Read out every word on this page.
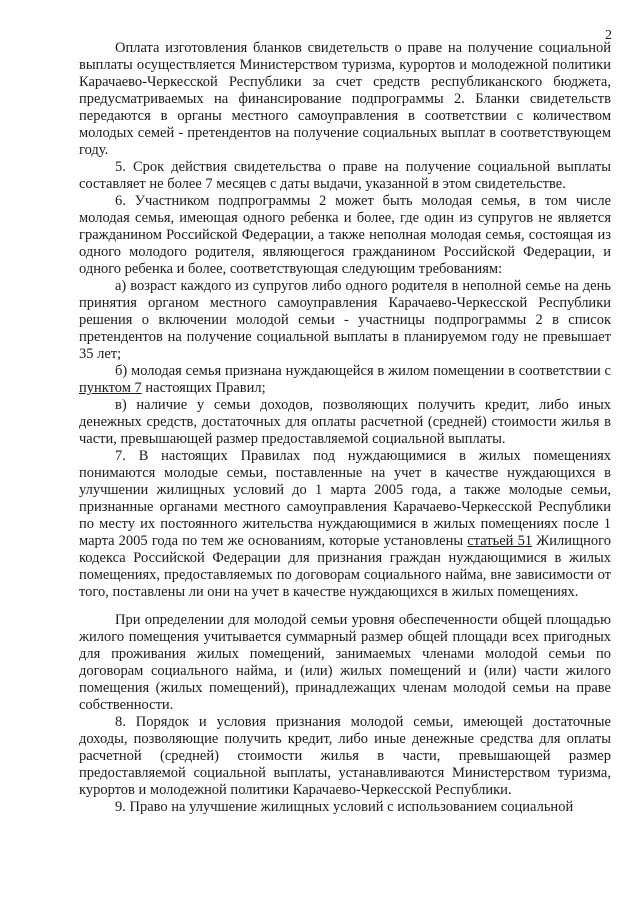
2

Оплата изготовления бланков свидетельств о праве на получение социальной выплаты осуществляется Министерством туризма, курортов и молодежной политики Карачаево-Черкесской Республики за счет средств республиканского бюджета, предусматриваемых на финансирование подпрограммы 2. Бланки свидетельств передаются в органы местного самоуправления в соответствии с количеством молодых семей - претендентов на получение социальных выплат в соответствующем году.

5. Срок действия свидетельства о праве на получение социальной выплаты составляет не более 7 месяцев с даты выдачи, указанной в этом свидетельстве.

6. Участником подпрограммы 2 может быть молодая семья, в том числе молодая семья, имеющая одного ребенка и более, где один из супругов не является гражданином Российской Федерации, а также неполная молодая семья, состоящая из одного молодого родителя, являющегося гражданином Российской Федерации, и одного ребенка и более, соответствующая следующим требованиям:

а) возраст каждого из супругов либо одного родителя в неполной семье на день принятия органом местного самоуправления Карачаево-Черкесской Республики решения о включении молодой семьи - участницы подпрограммы 2 в список претендентов на получение социальной выплаты в планируемом году не превышает 35 лет;

б) молодая семья признана нуждающейся в жилом помещении в соответствии с пунктом 7 настоящих Правил;

в) наличие у семьи доходов, позволяющих получить кредит, либо иных денежных средств, достаточных для оплаты расчетной (средней) стоимости жилья в части, превышающей размер предоставляемой социальной выплаты.

7. В настоящих Правилах под нуждающимися в жилых помещениях понимаются молодые семьи, поставленные на учет в качестве нуждающихся в улучшении жилищных условий до 1 марта 2005 года, а также молодые семьи, признанные органами местного самоуправления Карачаево-Черкесской Республики по месту их постоянного жительства нуждающимися в жилых помещениях после 1 марта 2005 года по тем же основаниям, которые установлены статьей 51 Жилищного кодекса Российской Федерации для признания граждан нуждающимися в жилых помещениях, предоставляемых по договорам социального найма, вне зависимости от того, поставлены ли они на учет в качестве нуждающихся в жилых помещениях.

При определении для молодой семьи уровня обеспеченности общей площадью жилого помещения учитывается суммарный размер общей площади всех пригодных для проживания жилых помещений, занимаемых членами молодой семьи по договорам социального найма, и (или) жилых помещений и (или) части жилого помещения (жилых помещений), принадлежащих членам молодой семьи на праве собственности.

8. Порядок и условия признания молодой семьи, имеющей достаточные доходы, позволяющие получить кредит, либо иные денежные средства для оплаты расчетной (средней) стоимости жилья в части, превышающей размер предоставляемой социальной выплаты, устанавливаются Министерством туризма, курортов и молодежной политики Карачаево-Черкесской Республики.

9. Право на улучшение жилищных условий с использованием социальной
